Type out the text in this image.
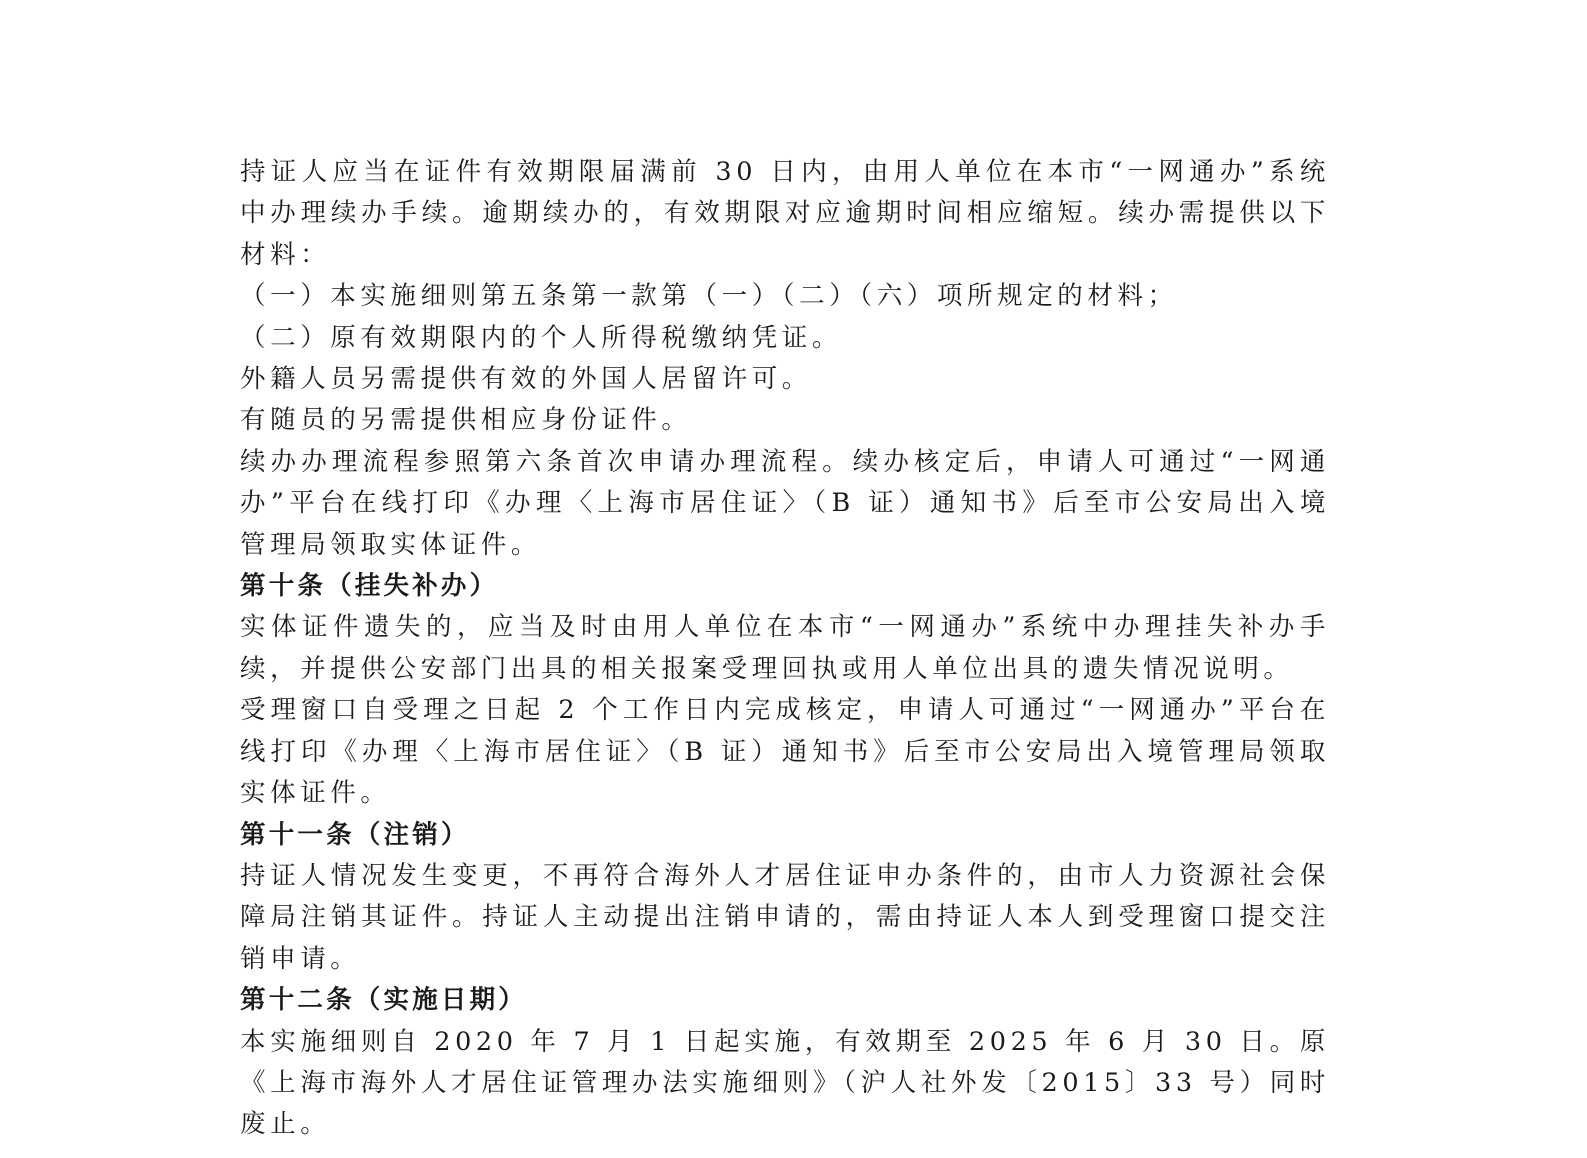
持证人应当在证件有效期限届满前 30 日内，由用人单位在本市“一网通办”系统中办理续办手续。逾期续办的，有效期限对应逾期时间相应缩短。续办需提供以下材料：

（一）本实施细则第五条第一款第（一）（二）（六）项所规定的材料；

（二）原有效期限内的个人所得税缴纳凭证。

外籍人员另需提供有效的外国人居留许可。

有随员的另需提供相应身份证件。

续办办理流程参照第六条首次申请办理流程。续办核定后，申请人可通过“一网通办”平台在线打印《办理〈上海市居住证〉（B 证）通知书》后至市公安局出入境管理局领取实体证件。

第十条（挂失补办）

实体证件遗失的，应当及时由用人单位在本市“一网通办”系统中办理挂失补办手续，并提供公安部门出具的相关报案受理回执或用人单位出具的遗失情况说明。

受理窗口自受理之日起 2 个工作日内完成核定，申请人可通过“一网通办”平台在线打印《办理〈上海市居住证〉（B 证）通知书》后至市公安局出入境管理局领取实体证件。

第十一条（注销）

持证人情况发生变更，不再符合海外人才居住证申办条件的，由市人力资源社会保障局注销其证件。持证人主动提出注销申请的，需由持证人本人到受理窗口提交注销申请。

第十二条（实施日期）

本实施细则自 2020 年 7 月 1 日起实施，有效期至 2025 年 6 月 30 日。原《上海市海外人才居住证管理办法实施细则》（沪人社外发〔2015〕33 号）同时废止。
